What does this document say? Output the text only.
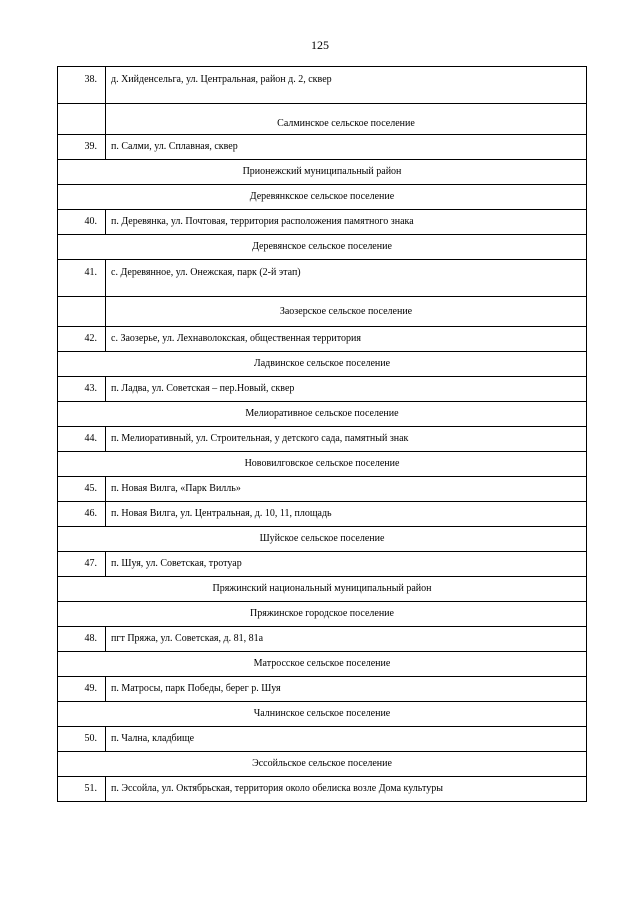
125
38.	д. Хийденсельга, ул. Центральная, район д. 2, сквер
	Салминское сельское поселение
39.	п. Салми, ул. Сплавная, сквер
Прионежский муниципальный район	
Деревянкское сельское поселение	
40.	п. Деревянка, ул. Почтовая, территория расположения памятного знака
Деревянское сельское поселение	
41.	с. Деревянное, ул. Онежская, парк (2-й этап)
	Заозерское сельское поселение
42.	с. Заозерье, ул. Лехнаволокская, общественная территория
Ладвинское сельское поселение	
43.	п. Ладва, ул. Советская – пер.Новый, сквер
Мелиоративное сельское поселение	
44.	п. Мелиоративный, ул. Строительная, у детского сада, памятный знак
Нововилговское сельское поселение	
45.	п. Новая Вилга, «Парк Вилль»
46.	п. Новая Вилга, ул. Центральная, д. 10, 11, площадь
Шуйское сельское поселение	
47.	п. Шуя, ул. Советская, тротуар
Пряжинский национальный муниципальный район	
Пряжинское городское поселение	
48.	пгт Пряжа, ул. Советская, д. 81, 81а
Матросское сельское поселение	
49.	п. Матросы, парк Победы, берег р. Шуя
Чалнинское сельское поселение	
50.	п. Чална, кладбище
Эссойльское сельское поселение	
51.	п. Эссойла, ул. Октябрьская, территория около обелиска возле Дома культуры
